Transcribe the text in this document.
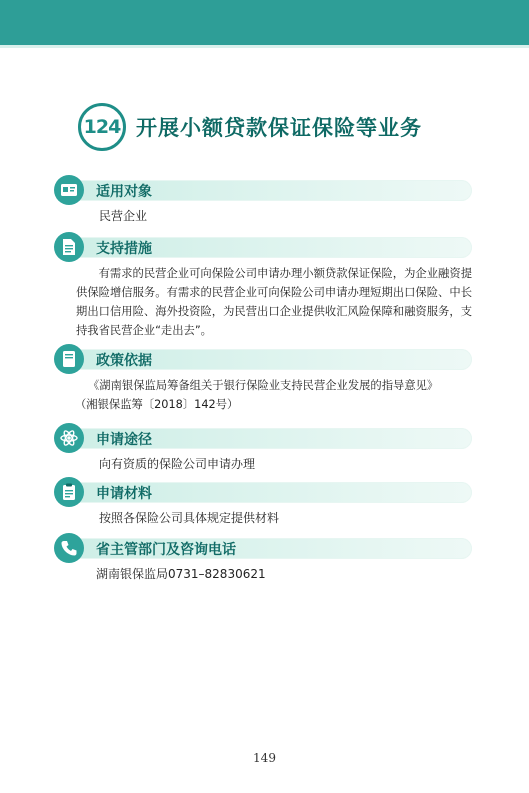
124 开展小额贷款保证保险等业务
适用对象
民营企业
支持措施
有需求的民营企业可向保险公司申请办理小额贷款保证保险，为企业融资提供保险增信服务。有需求的民营企业可向保险公司申请办理短期出口保险、中长期出口信用险、海外投资险，为民营出口企业提供收汇风险保障和融资服务，支持我省民营企业“走出去”。
政策依据
《湖南银保监局筹备组关于银行保险业支持民营企业发展的指导意见》
（湘银保监筹〔2018〕142号）
申请途径
向有资质的保险公司申请办理
申请材料
按照各保险公司具体规定提供材料
省主管部门及咨询电话
湖南银保监局0731–82830621
149
